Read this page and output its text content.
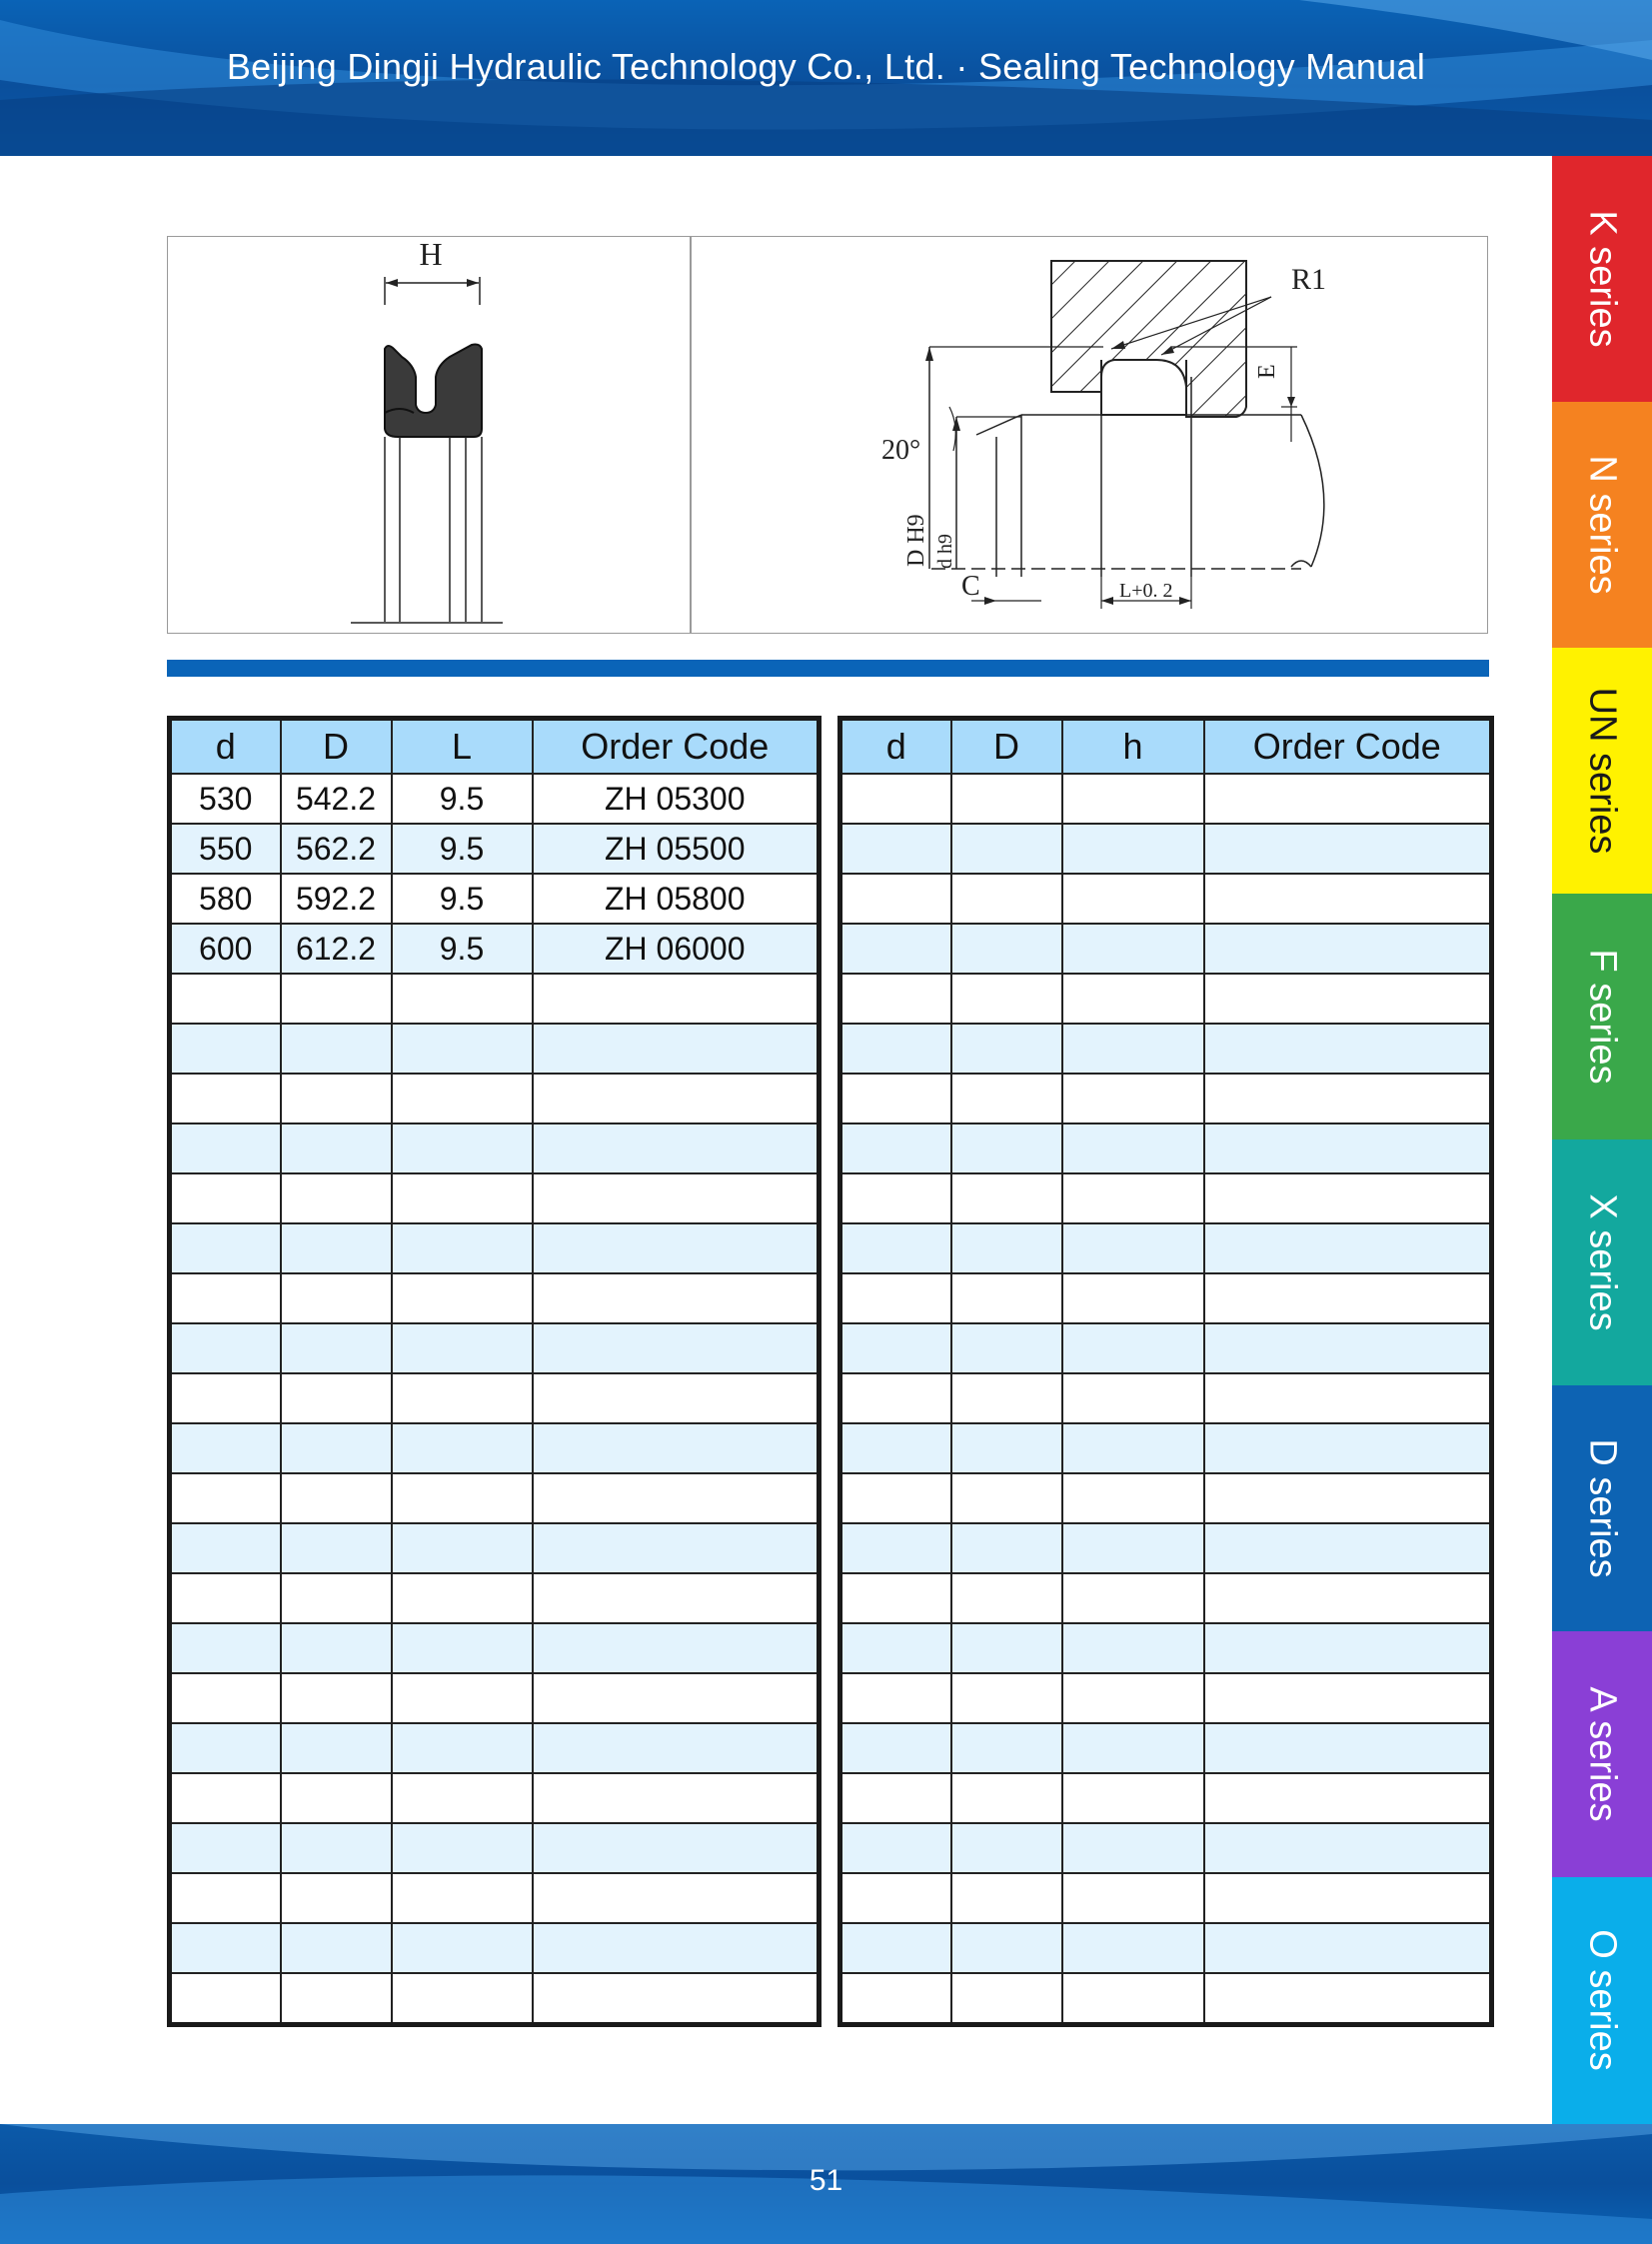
Beijing Dingji Hydraulic Technology Co., Ltd. · Sealing Technology Manual
K series
N series
UN series
F series
X series
D series
A series
O series
H
R1
E
20°
D H9 d h9
C	L+0. 2
d	D	L	Order Code
530	542.2	9.5	ZH 05300
550	562.2	9.5	ZH 05500
580	592.2	9.5	ZH 05800
600	612.2	9.5	ZH 06000

d	D	h	Order Code

51
